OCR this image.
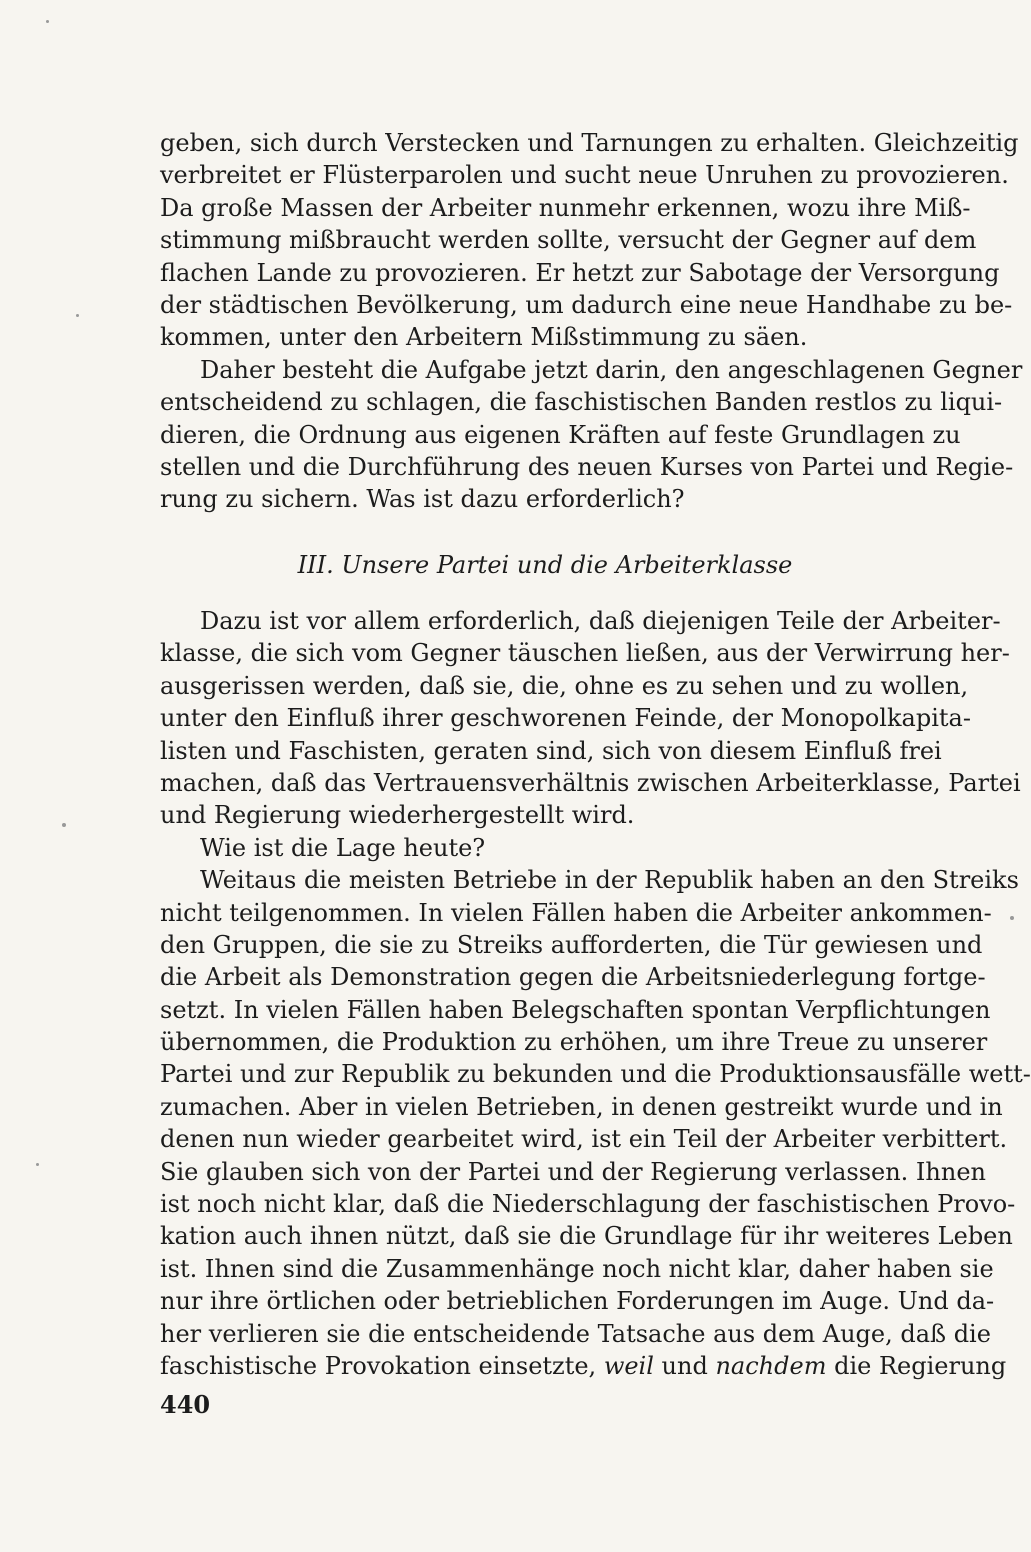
geben, sich durch Verstecken und Tarnungen zu erhalten. Gleichzeitig
verbreitet er Flüsterparolen und sucht neue Unruhen zu provozieren.
Da große Massen der Arbeiter nunmehr erkennen, wozu ihre Miß-
stimmung mißbraucht werden sollte, versucht der Gegner auf dem
flachen Lande zu provozieren. Er hetzt zur Sabotage der Versorgung
der städtischen Bevölkerung, um dadurch eine neue Handhabe zu be-
kommen, unter den Arbeitern Mißstimmung zu säen.
Daher besteht die Aufgabe jetzt darin, den angeschlagenen Gegner
entscheidend zu schlagen, die faschistischen Banden restlos zu liqui-
dieren, die Ordnung aus eigenen Kräften auf feste Grundlagen zu
stellen und die Durchführung des neuen Kurses von Partei und Regie-
rung zu sichern. Was ist dazu erforderlich?
III. Unsere Partei und die Arbeiterklasse
Dazu ist vor allem erforderlich, daß diejenigen Teile der Arbeiter-
klasse, die sich vom Gegner täuschen ließen, aus der Verwirrung her-
ausgerissen werden, daß sie, die, ohne es zu sehen und zu wollen,
unter den Einfluß ihrer geschworenen Feinde, der Monopolkapita-
listen und Faschisten, geraten sind, sich von diesem Einfluß frei
machen, daß das Vertrauensverhältnis zwischen Arbeiterklasse, Partei
und Regierung wiederhergestellt wird.
Wie ist die Lage heute?
Weitaus die meisten Betriebe in der Republik haben an den Streiks
nicht teilgenommen. In vielen Fällen haben die Arbeiter ankommen-
den Gruppen, die sie zu Streiks aufforderten, die Tür gewiesen und
die Arbeit als Demonstration gegen die Arbeitsniederlegung fortge-
setzt. In vielen Fällen haben Belegschaften spontan Verpflichtungen
übernommen, die Produktion zu erhöhen, um ihre Treue zu unserer
Partei und zur Republik zu bekunden und die Produktionsausfälle wett-
zumachen. Aber in vielen Betrieben, in denen gestreikt wurde und in
denen nun wieder gearbeitet wird, ist ein Teil der Arbeiter verbittert.
Sie glauben sich von der Partei und der Regierung verlassen. Ihnen
ist noch nicht klar, daß die Niederschlagung der faschistischen Provo-
kation auch ihnen nützt, daß sie die Grundlage für ihr weiteres Leben
ist. Ihnen sind die Zusammenhänge noch nicht klar, daher haben sie
nur ihre örtlichen oder betrieblichen Forderungen im Auge. Und da-
her verlieren sie die entscheidende Tatsache aus dem Auge, daß die
faschistische Provokation einsetzte, weil und nachdem die Regierung
440
